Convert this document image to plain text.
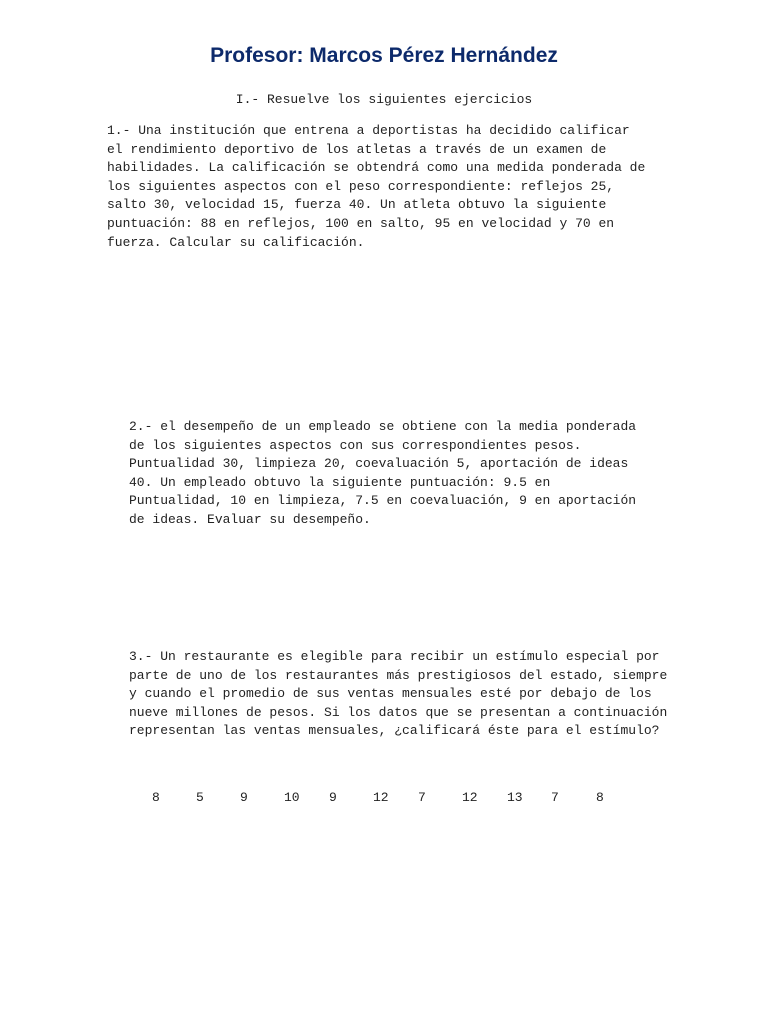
Profesor: Marcos Pérez Hernández

I.- Resuelve los siguientes ejercicios

1.- Una institución que entrena a deportistas ha decidido calificar el rendimiento deportivo de los atletas a través de un examen de habilidades. La calificación se obtendrá como una medida ponderada de los siguientes aspectos con el peso correspondiente: reflejos 25, salto 30, velocidad 15, fuerza 40. Un atleta obtuvo la siguiente puntuación: 88 en reflejos, 100 en salto, 95 en velocidad y 70 en fuerza. Calcular su calificación.

2.- el desempeño de un empleado se obtiene con la media ponderada de los siguientes aspectos con sus correspondientes pesos. Puntualidad 30, limpieza 20, coevaluación 5, aportación de ideas 40. Un empleado obtuvo la siguiente puntuación: 9.5 en Puntualidad, 10 en limpieza, 7.5 en coevaluación, 9 en aportación de ideas. Evaluar su desempeño.

3.- Un restaurante es elegible para recibir un estímulo especial por parte de uno de los restaurantes más prestigiosos del estado, siempre y cuando el promedio de sus ventas mensuales esté por debajo de los nueve millones de pesos. Si los datos que se presentan a continuación representan las ventas mensuales, ¿calificará éste para el estímulo?

8	5	9	10 9	12 7	12 13 7	8
